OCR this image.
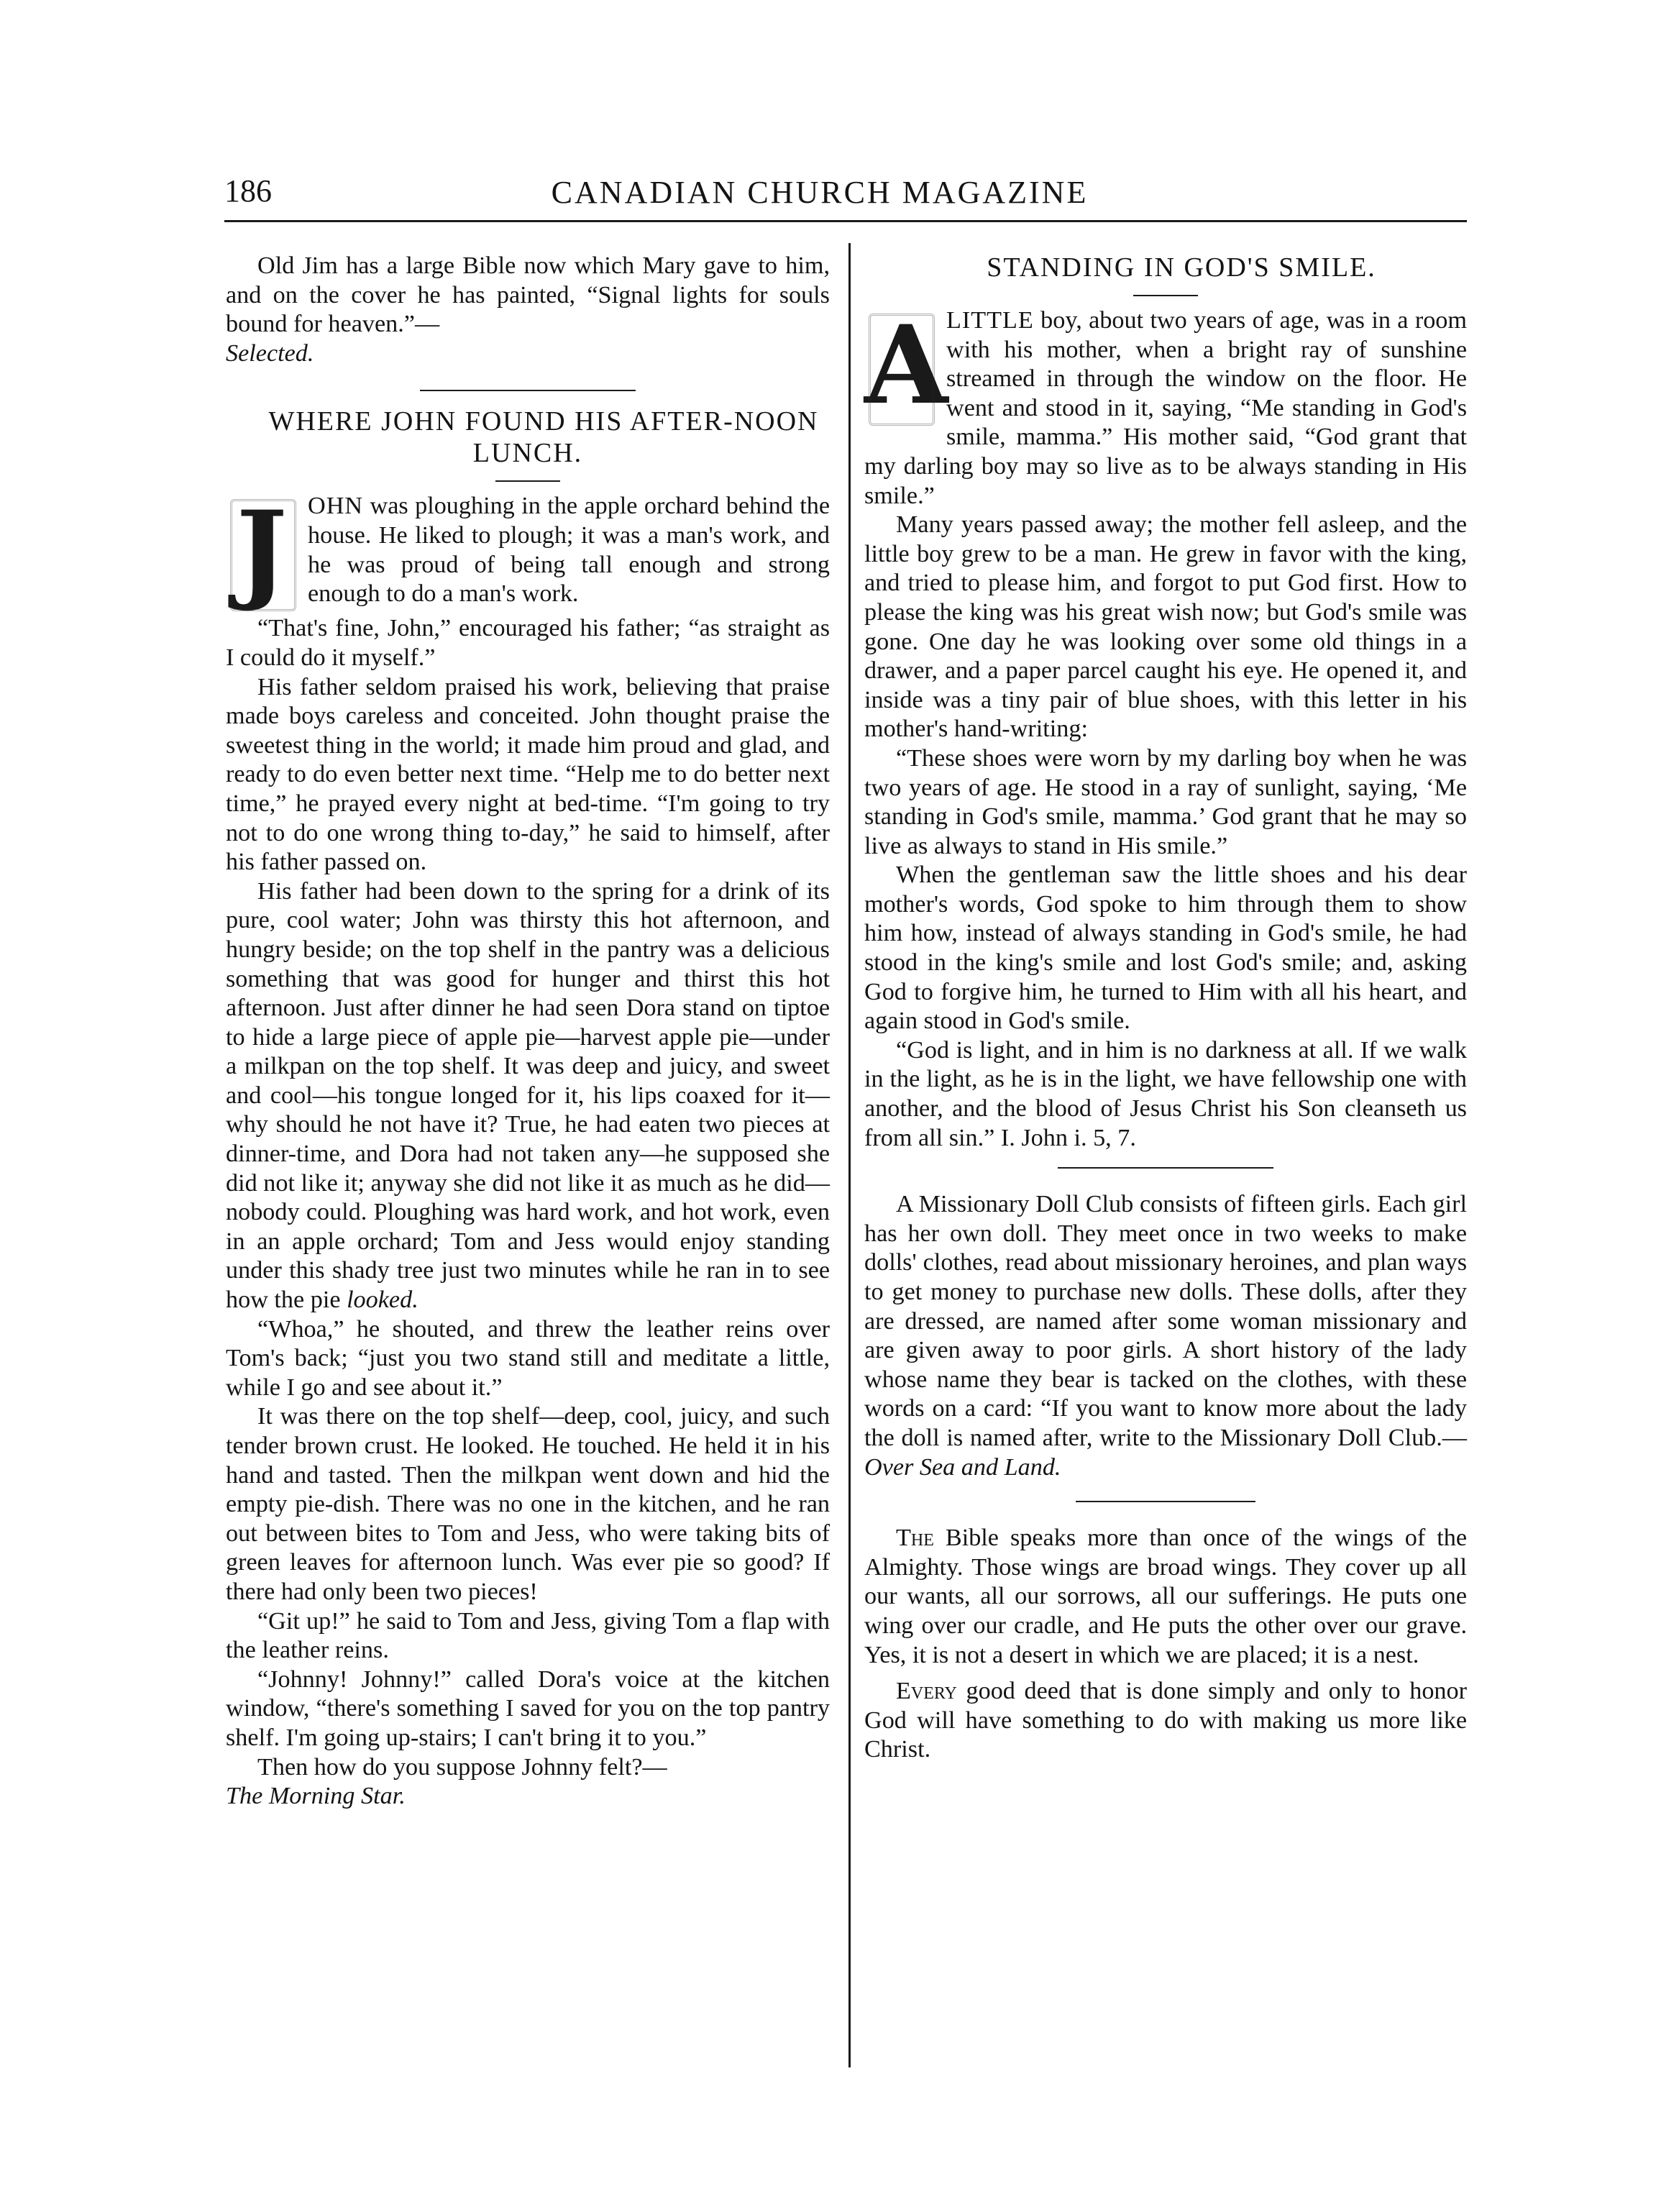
186	CANADIAN CHURCH MAGAZINE

Old Jim has a large Bible now which Mary gave to him, and on the cover he has painted, “Signal lights for souls bound for heaven.”—
Selected.

WHERE JOHN FOUND HIS AFTER-NOON LUNCH.

JOHN was ploughing in the apple orchard behind the house. He liked to plough; it was a man's work, and he was proud of being tall enough and strong enough to do a man's work.

“That's fine, John,” encouraged his father; “as straight as I could do it myself.”

His father seldom praised his work, believing that praise made boys careless and conceited. John thought praise the sweetest thing in the world; it made him proud and glad, and ready to do even better next time. “Help me to do better next time,” he prayed every night at bed-time. “I'm going to try not to do one wrong thing to-day,” he said to himself, after his father passed on.

His father had been down to the spring for a drink of its pure, cool water; John was thirsty this hot afternoon, and hungry beside; on the top shelf in the pantry was a delicious something that was good for hunger and thirst this hot afternoon. Just after dinner he had seen Dora stand on tiptoe to hide a large piece of apple pie—harvest apple pie—under a milkpan on the top shelf. It was deep and juicy, and sweet and cool—his tongue longed for it, his lips coaxed for it—why should he not have it? True, he had eaten two pieces at dinner-time, and Dora had not taken any—he supposed she did not like it; anyway she did not like it as much as he did—nobody could. Ploughing was hard work, and hot work, even in an apple orchard; Tom and Jess would enjoy standing under this shady tree just two minutes while he ran in to see how the pie looked.

“Whoa,” he shouted, and threw the leather reins over Tom's back; “just you two stand still and meditate a little, while I go and see about it.”

It was there on the top shelf—deep, cool, juicy, and such tender brown crust. He looked. He touched. He held it in his hand and tasted. Then the milkpan went down and hid the empty pie-dish. There was no one in the kitchen, and he ran out between bites to Tom and Jess, who were taking bits of green leaves for afternoon lunch. Was ever pie so good? If there had only been two pieces!

“Git up!” he said to Tom and Jess, giving Tom a flap with the leather reins.

“Johnny! Johnny!” called Dora's voice at the kitchen window, “there's something I saved for you on the top pantry shelf. I'm going up-stairs; I can't bring it to you.”

Then how do you suppose Johnny felt?—
The Morning Star.

STANDING IN GOD'S SMILE.

A
LITTLE boy, about two years of age, was in a room with his mother, when a bright ray of sunshine streamed in through the window on the floor. He went and stood in it, saying, “Me standing in God's smile, mamma.” His mother said, “God grant that my darling boy may so live as to be always standing in His smile.”

Many years passed away; the mother fell asleep, and the little boy grew to be a man. He grew in favor with the king, and tried to please him, and forgot to put God first. How to please the king was his great wish now; but God's smile was gone. One day he was looking over some old things in a drawer, and a paper parcel caught his eye. He opened it, and inside was a tiny pair of blue shoes, with this letter in his mother's hand-writing:

“These shoes were worn by my darling boy when he was two years of age. He stood in a ray of sunlight, saying, ‘Me standing in God's smile, mamma.’ God grant that he may so live as always to stand in His smile.”

When the gentleman saw the little shoes and his dear mother's words, God spoke to him through them to show him how, instead of always standing in God's smile, he had stood in the king's smile and lost God's smile; and, asking God to forgive him, he turned to Him with all his heart, and again stood in God's smile.

“God is light, and in him is no darkness at all. If we walk in the light, as he is in the light, we have fellowship one with another, and the blood of Jesus Christ his Son cleanseth us from all sin.” I. John i. 5, 7.

A Missionary Doll Club consists of fifteen girls. Each girl has her own doll. They meet once in two weeks to make dolls' clothes, read about missionary heroines, and plan ways to get money to purchase new dolls. These dolls, after they are dressed, are named after some woman missionary and are given away to poor girls. A short history of the lady whose name they bear is tacked on the clothes, with these words on a card: “If you want to know more about the lady the doll is named after, write to the Missionary Doll Club.—Over Sea and Land.

The Bible speaks more than once of the wings of the Almighty. Those wings are broad wings. They cover up all our wants, all our sorrows, all our sufferings. He puts one wing over our cradle, and He puts the other over our grave. Yes, it is not a desert in which we are placed; it is a nest.

Every good deed that is done simply and only to honor God will have something to do with making us more like Christ.
